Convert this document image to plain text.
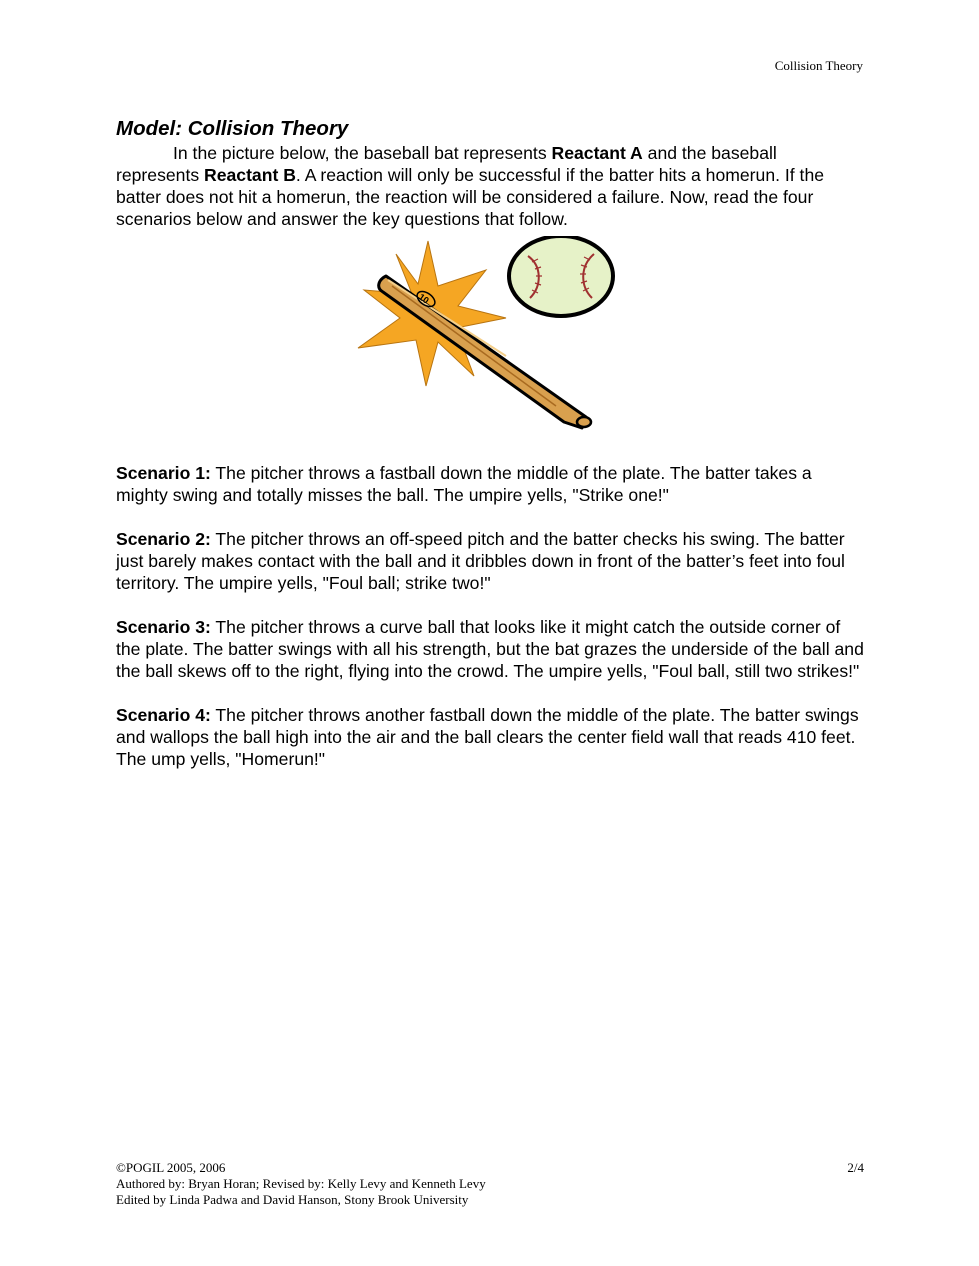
Collision Theory
Model: Collision Theory

In the picture below, the baseball bat represents Reactant A and the baseball represents Reactant B. A reaction will only be successful if the batter hits a homerun. If the batter does not hit a homerun, the reaction will be considered a failure. Now, read the four scenarios below and answer the key questions that follow.

10

Scenario 1: The pitcher throws a fastball down the middle of the plate. The batter takes a mighty swing and totally misses the ball. The umpire yells, "Strike one!"

Scenario 2: The pitcher throws an off-speed pitch and the batter checks his swing. The batter just barely makes contact with the ball and it dribbles down in front of the batter’s feet into foul territory. The umpire yells, "Foul ball; strike two!"

Scenario 3: The pitcher throws a curve ball that looks like it might catch the outside corner of the plate. The batter swings with all his strength, but the bat grazes the underside of the ball and the ball skews off to the right, flying into the crowd. The umpire yells, "Foul ball, still two strikes!"

Scenario 4: The pitcher throws another fastball down the middle of the plate. The batter swings and wallops the ball high into the air and the ball clears the center field wall that reads 410 feet. The ump yells, "Homerun!"

©POGIL 2005, 2006
Authored by: Bryan Horan; Revised by: Kelly Levy and Kenneth Levy
Edited by Linda Padwa and David Hanson, Stony Brook University
2/4
